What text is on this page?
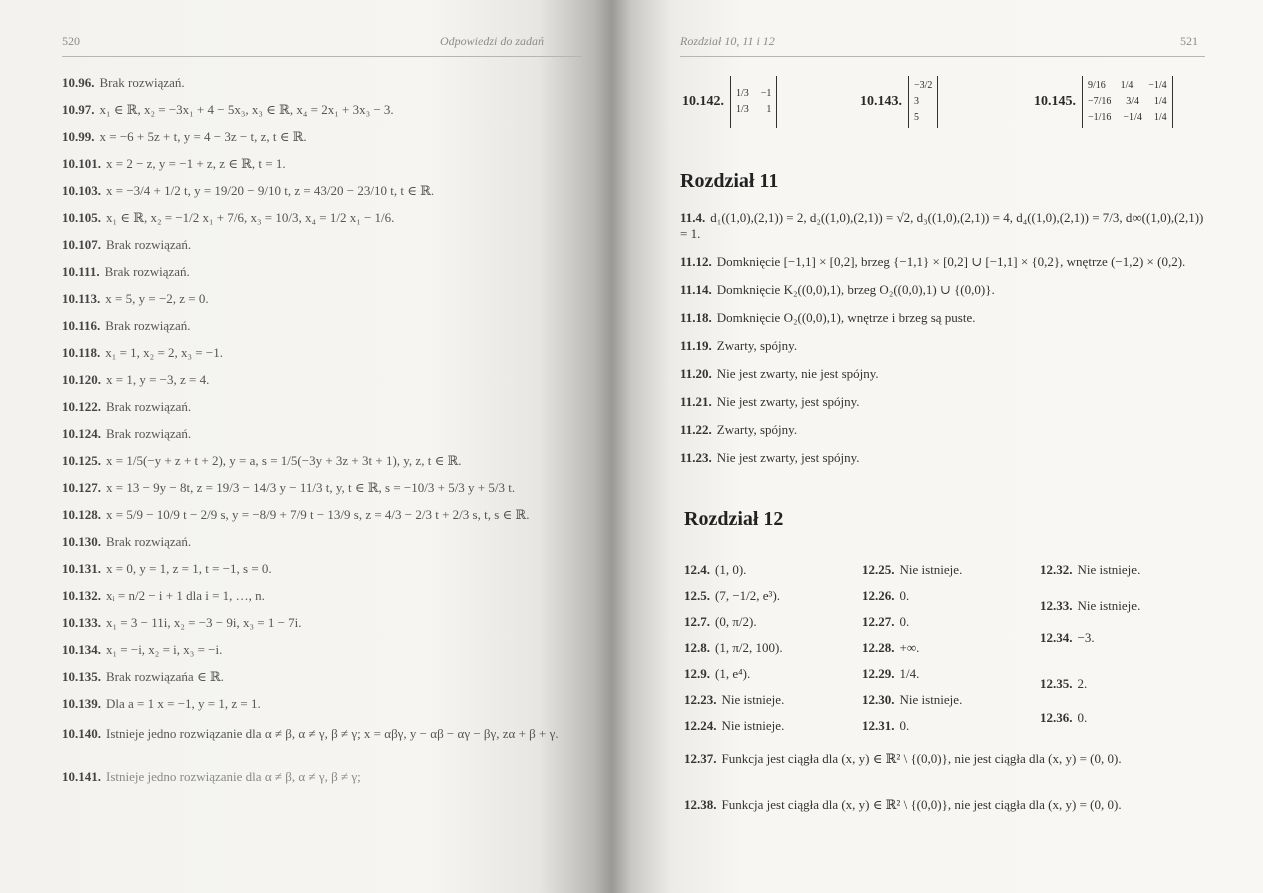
520	Odpowiedzi do zadań
10.96. Brak rozwiązań.
10.97. x₁ ∈ ℝ, x₂ = −3x₁ + 4 − 5x₃, x₃ ∈ ℝ, x₄ = 2x₁ + 3x₃ − 3.
10.99. x = −6 + 5z + t, y = 4 − 3z − t, z, t ∈ ℝ.
10.101. x = 2 − z, y = −1 + z, z ∈ ℝ, t = 1.
10.103. x = −3/4 + 1/2 t, y = 19/20 − 9/10 t, z = 43/20 − 23/10 t, t ∈ ℝ.
10.105. x₁ ∈ ℝ, x₂ = −1/2 x₁ + 7/6, x₃ = 10/3, x₄ = 1/2 x₁ − 1/6.
10.107. Brak rozwiązań.
10.111. Brak rozwiązań.
10.113. x = 5, y = −2, z = 0.
10.116. Brak rozwiązań.
10.118. x₁ = 1, x₂ = 2, x₃ = −1.
10.120. x = 1, y = −3, z = 4.
10.122. Brak rozwiązań.
10.124. Brak rozwiązań.
10.125. x = 1/5(−y + z + t + 2), y = a, s = 1/5(−3y + 3z + 3t + 1), y, z, t ∈ ℝ.
10.127. x = 13 − 9y − 8t, z = 19/3 − 14/3 y − 11/3 t, y, t ∈ ℝ, s = −10/3 + 5/3 y + 5/3 t.
10.128. x = 5/9 − 10/9 t − 2/9 s, y = −8/9 + 7/9 t − 13/9 s, z = 4/3 − 2/3 t + 2/3 s, t, s ∈ ℝ.
10.130. Brak rozwiązań.
10.131. x = 0, y = 1, z = 1, t = −1, s = 0.
10.132. xᵢ = n/2 − i + 1 dla i = 1, …, n.
10.133. x₁ = 3 − 11i, x₂ = −3 − 9i, x₃ = 1 − 7i.
10.134. x₁ = −i, x₂ = i, x₃ = −i.
10.135. Brak rozwiązańa ∈ ℝ.
10.139. Dla a = 1 x = −1, y = 1, z = 1.
10.140. Istnieje jedno rozwiązanie dla α ≠ β, α ≠ γ, β ≠ γ; x = αβγ, y − αβ − αγ − βγ, zα + β + γ.
10.141. Istnieje jedno rozwiązanie dla α ≠ β, α ≠ γ, β ≠ γ;
Rozdział 10, 11 i 12	521
10.142.
1/3 −1
1/3 1
10.143.
−3/2
3
5
10.145.
9/16 1/4 −1/4
−7/16 3/4 1/4
−1/16 −1/4 1/4
Rozdział 11
11.4. d₁((1,0),(2,1)) = 2, d₂((1,0),(2,1)) = √2, d₃((1,0),(2,1)) = 4, d₄((1,0),(2,1)) = 7/3, d∞((1,0),(2,1)) = 1.
11.12. Domknięcie [−1,1] × [0,2], brzeg {−1,1} × [0,2] ∪ [−1,1] × {0,2}, wnętrze (−1,2) × (0,2).
11.14. Domknięcie K₂((0,0),1), brzeg O₂((0,0),1) ∪ {(0,0)}.
11.18. Domknięcie O₂((0,0),1), wnętrze i brzeg są puste.
11.19. Zwarty, spójny.
11.20. Nie jest zwarty, nie jest spójny.
11.21. Nie jest zwarty, jest spójny.
11.22. Zwarty, spójny.
11.23. Nie jest zwarty, jest spójny.
Rozdział 12
12.4. (1, 0).
12.5. (7, −1/2, e³).
12.7. (0, π/2).
12.8. (1, π/2, 100).
12.9. (1, e⁴).
12.23. Nie istnieje.
12.24. Nie istnieje.
12.25. Nie istnieje.
12.26. 0.
12.27. 0.
12.28. +∞.
12.29. 1/4.
12.30. Nie istnieje.
12.31. 0.
12.32. Nie istnieje.
12.33. Nie istnieje.
12.34. −3.
12.35. 2.
12.36. 0.
12.37. Funkcja jest ciągła dla (x, y) ∈ ℝ² \ {(0,0)}, nie jest ciągła dla (x, y) = (0, 0).
12.38. Funkcja jest ciągła dla (x, y) ∈ ℝ² \ {(0,0)}, nie jest ciągła dla (x, y) = (0, 0).
